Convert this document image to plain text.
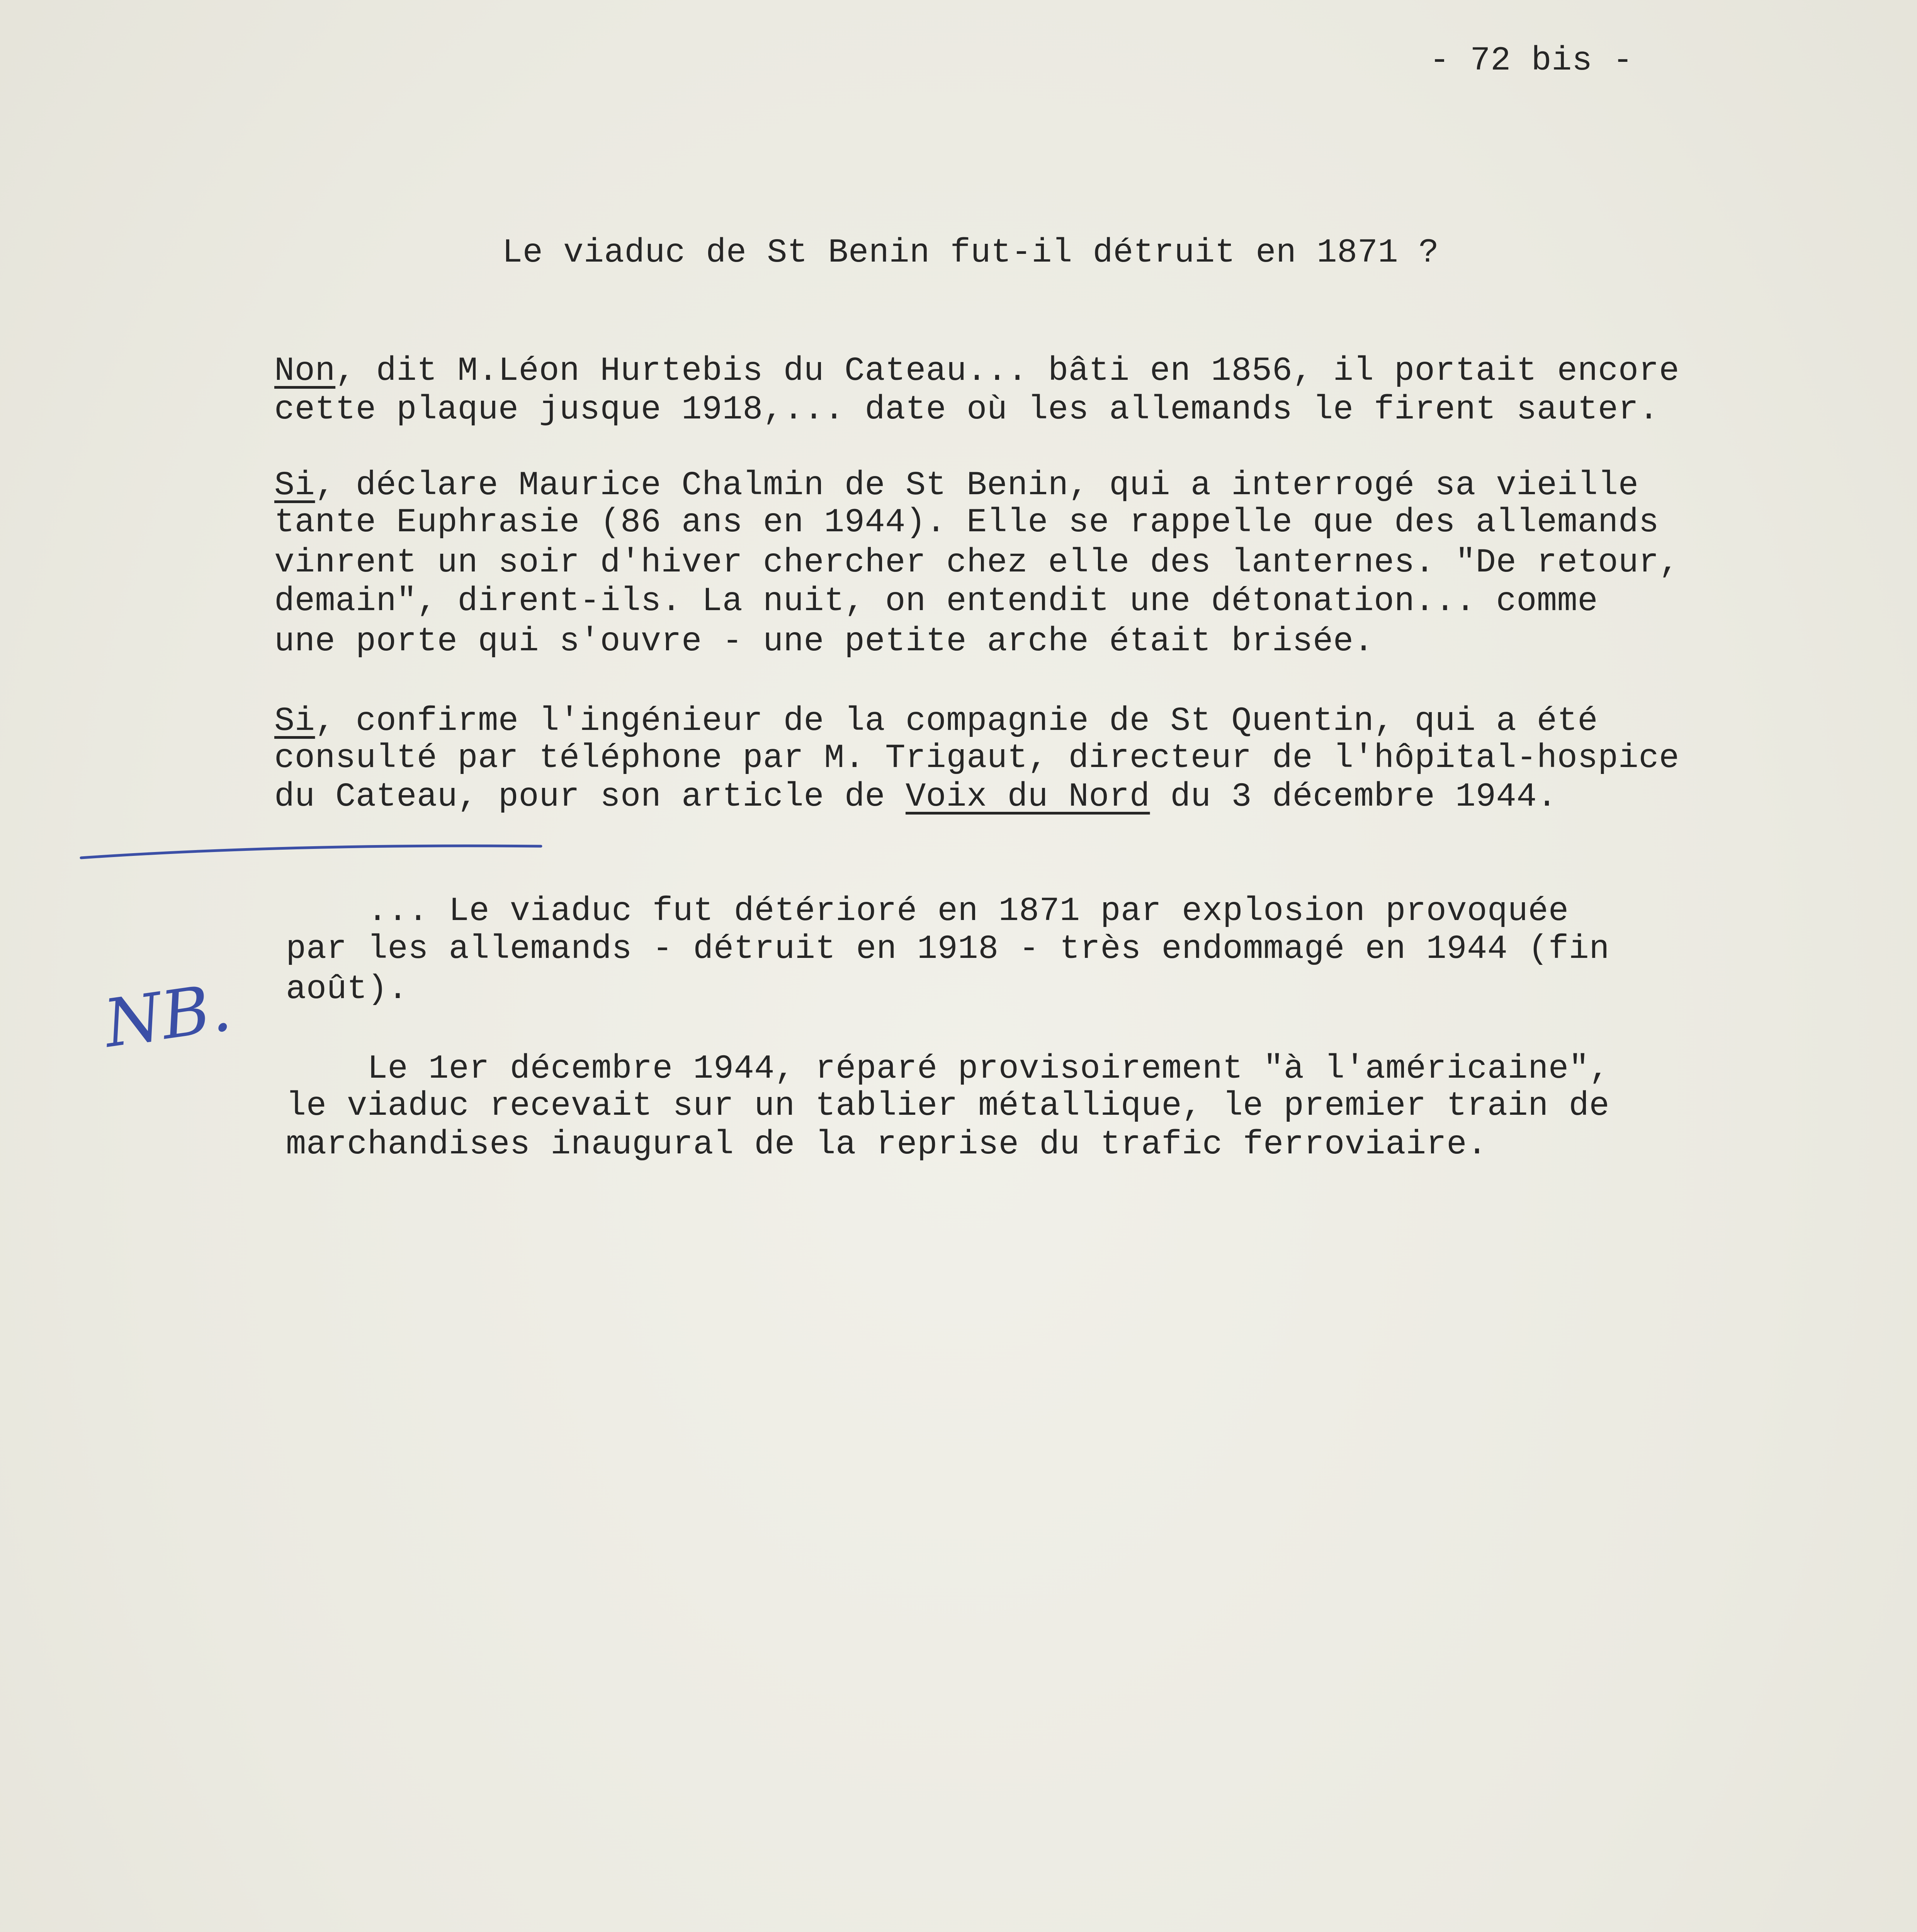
- 72 bis -
Le viaduc de St Benin fut-il détruit en 1871 ?
Non, dit M.Léon Hurtebis du Cateau... bâti en 1856, il portait encore
cette plaque jusque 1918,... date où les allemands le firent sauter.
Si, déclare Maurice Chalmin de St Benin, qui a interrogé sa vieille
tante Euphrasie (86 ans en 1944). Elle se rappelle que des allemands
vinrent un soir d'hiver chercher chez elle des lanternes. "De retour,
demain", dirent-ils. La nuit, on entendit une détonation... comme
une porte qui s'ouvre - une petite arche était brisée.
Si, confirme l'ingénieur de la compagnie de St Quentin, qui a été
consulté par téléphone par M. Trigaut, directeur de l'hôpital-hospice
du Cateau, pour son article de Voix du Nord du 3 décembre 1944.
... Le viaduc fut détérioré en 1871 par explosion provoquée
par les allemands - détruit en 1918 - très endommagé en 1944 (fin
août).
NB.
Le 1er décembre 1944, réparé provisoirement "à l'américaine",
le viaduc recevait sur un tablier métallique, le premier train de
marchandises inaugural de la reprise du trafic ferroviaire.
